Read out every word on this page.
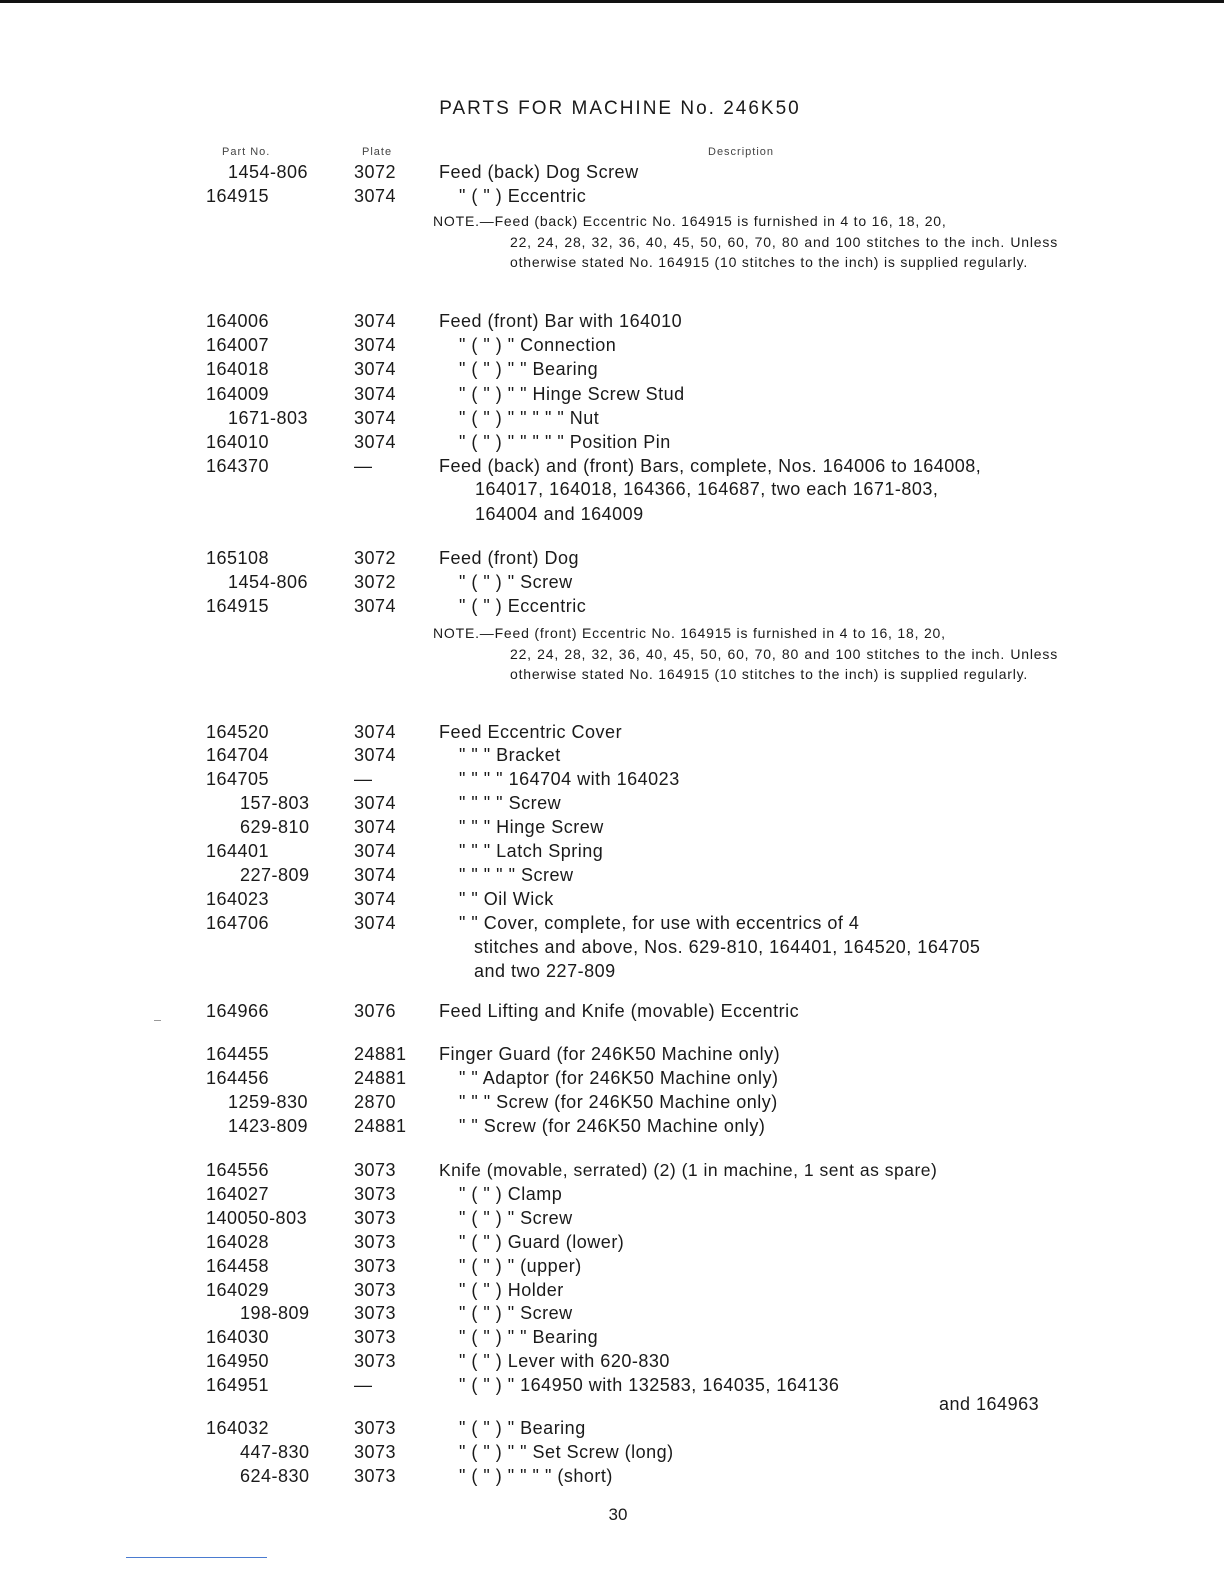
PARTS FOR MACHINE No. 246K50
Part No.	Plate	Description
1454-806	3072 Feed (back) Dog Screw
164915	3074	" ( " ) Eccentric
NOTE.—Feed (back) Eccentric No. 164915 is furnished in 4 to 16, 18, 20,
22, 24, 28, 32, 36, 40, 45, 50, 60, 70, 80 and 100 stitches to the inch. Unless otherwise stated No. 164915 (10 stitches to the inch) is supplied regularly.
164006	3074 Feed (front) Bar with 164010
164007	3074	" ( " ) " Connection
164018	3074	" ( " ) " " Bearing
164009	3074	" ( " ) " " Hinge Screw Stud
1671-803	3074	" ( " ) " " " " " Nut
164010	3074	" ( " ) " " " " " Position Pin
164370	—	Feed (back) and (front) Bars, complete, Nos. 164006 to 164008,
164017, 164018, 164366, 164687, two each 1671-803,
164004 and 164009
165108	3072 Feed (front) Dog
1454-806	3072	" ( " ) " Screw
164915	3074	" ( " ) Eccentric
NOTE.—Feed (front) Eccentric No. 164915 is furnished in 4 to 16, 18, 20,
22, 24, 28, 32, 36, 40, 45, 50, 60, 70, 80 and 100 stitches to the inch. Unless otherwise stated No. 164915 (10 stitches to the inch) is supplied regularly.
164520	3074 Feed Eccentric Cover
164704	3074	" " " Bracket
164705	—	" " " " 164704 with 164023
157-803 3074	" " " " Screw
629-810 3074	" " " Hinge Screw
164401	3074	" " " Latch Spring
227-809 3074	" " " " " Screw
164023	3074	" " Oil Wick
164706	3074	" " Cover, complete, for use with eccentrics of 4
stitches and above, Nos. 629-810, 164401, 164520, 164705
and two 227-809
164966	3076 Feed Lifting and Knife (movable) Eccentric
164455	24881 Finger Guard (for 246K50 Machine only)
164456	24881	" " Adaptor (for 246K50 Machine only)
1259-830	2870	" " " Screw (for 246K50 Machine only)
1423-809	24881	" " Screw (for 246K50 Machine only)
164556	3073 Knife (movable, serrated) (2) (1 in machine, 1 sent as spare)
164027	3073	" ( " ) Clamp
140050-803	3073	" ( " ) " Screw
164028	3073	" ( " ) Guard (lower)
164458	3073	" ( " ) " (upper)
164029	3073	" ( " ) Holder
198-809 3073	" ( " ) " Screw
164030	3073	" ( " ) " " Bearing
164950	3073	" ( " ) Lever with 620-830
164951	—	" ( " ) " 164950 with 132583, 164035, 164136
and 164963
164032	3073	" ( " ) " Bearing
447-830 3073	" ( " ) " " Set Screw (long)
624-830 3073	" ( " ) " " " " (short)
30
